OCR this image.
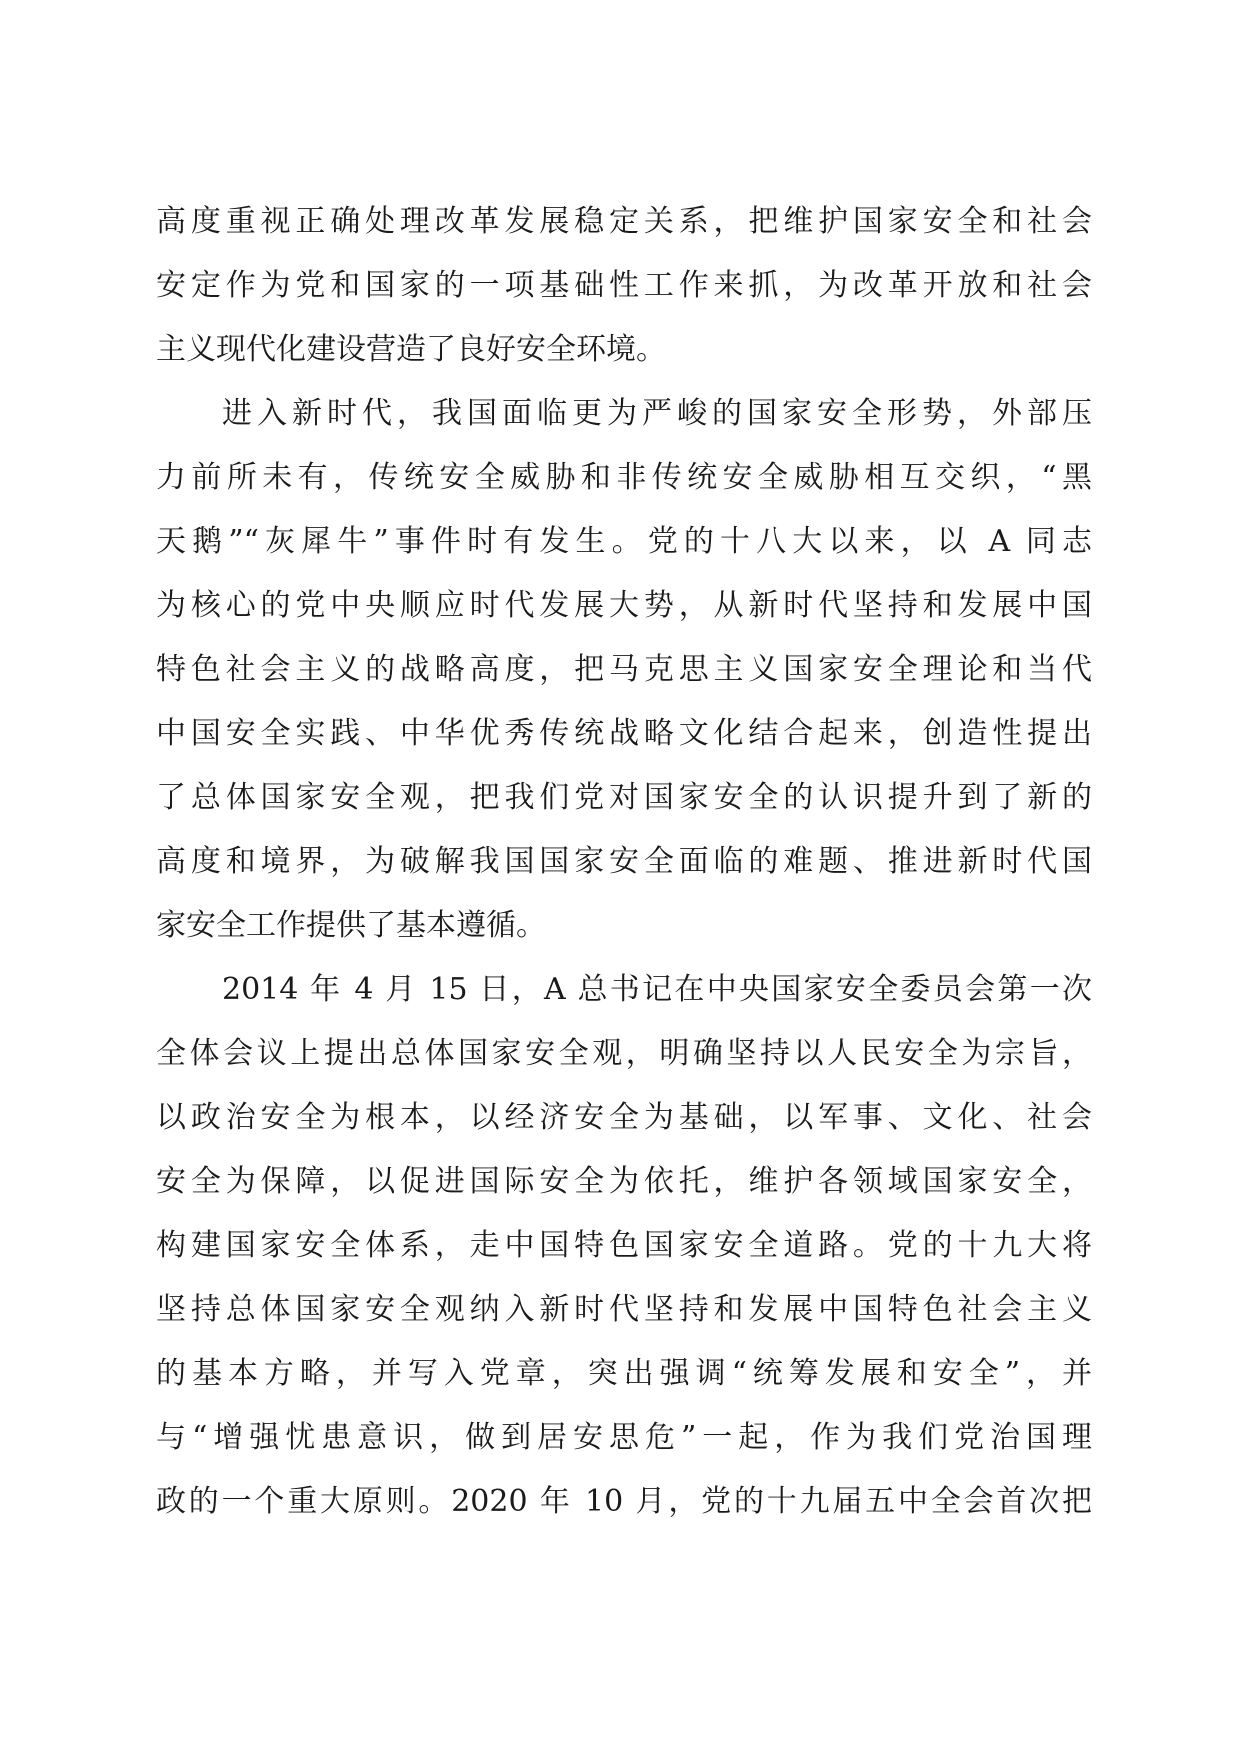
高度重视正确处理改革发展稳定关系，把维护国家安全和社会
安定作为党和国家的一项基础性工作来抓，为改革开放和社会
主义现代化建设营造了良好安全环境。
进入新时代，我国面临更为严峻的国家安全形势，外部压
力前所未有，传统安全威胁和非传统安全威胁相互交织，“黑
天鹅”“灰犀牛”事件时有发生。党的十八大以来，以 A 同志
为核心的党中央顺应时代发展大势，从新时代坚持和发展中国
特色社会主义的战略高度，把马克思主义国家安全理论和当代
中国安全实践、中华优秀传统战略文化结合起来，创造性提出
了总体国家安全观，把我们党对国家安全的认识提升到了新的
高度和境界，为破解我国国家安全面临的难题、推进新时代国
家安全工作提供了基本遵循。
2014 年 4 月 15 日，A 总书记在中央国家安全委员会第一次
全体会议上提出总体国家安全观，明确坚持以人民安全为宗旨，
以政治安全为根本，以经济安全为基础，以军事、文化、社会
安全为保障，以促进国际安全为依托，维护各领域国家安全，
构建国家安全体系，走中国特色国家安全道路。党的十九大将
坚持总体国家安全观纳入新时代坚持和发展中国特色社会主义
的基本方略，并写入党章，突出强调“统筹发展和安全”，并
与“增强忧患意识，做到居安思危”一起，作为我们党治国理
政的一个重大原则。2020 年 10 月，党的十九届五中全会首次把
